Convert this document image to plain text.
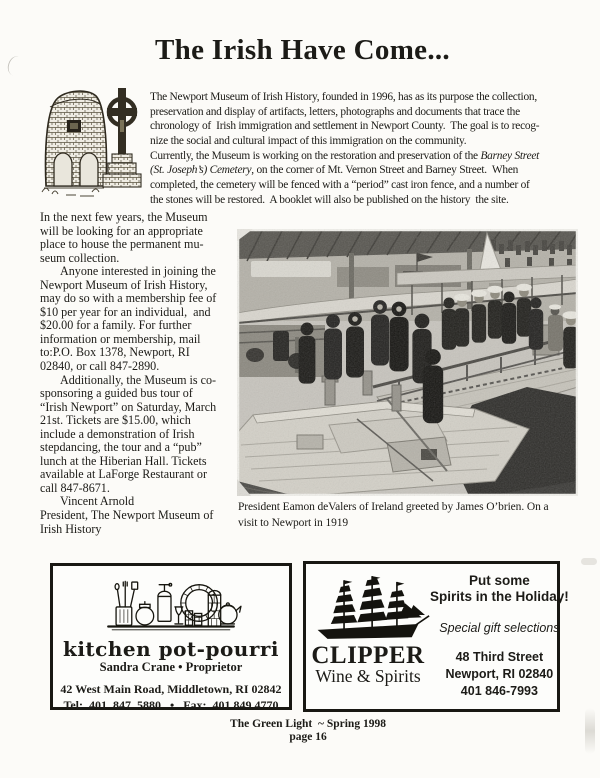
The Irish Have Come...
The Newport Museum of Irish History, founded in 1996, has as its purpose the collection,
preservation and display of artifacts, letters, photographs and documents that trace the
chronology of  Irish immigration and settlement in Newport County.  The goal is to recog-
nize the social and cultural impact of this immigration on the community.
Currently, the Museum is working on the restoration and preservation of the Barney Street
(St. Joseph’s) Cemetery, on the corner of Mt. Vernon Street and Barney Street.  When
completed, the cemetery will be fenced with a “period” cast iron fence, and a number of
the stones will be restored.  A booklet will also be published on the history  the site.
In the next few years, the Museum
will be looking for an appropriate
place to house the permanent mu-
seum collection.
Anyone interested in joining the
Newport Museum of Irish History,
may do so with a membership fee of
$10 per year for an individual,  and
$20.00 for a family. For further
information or membership, mail
to:P.O. Box 1378, Newport, RI
02840, or call 847-2890.
Additionally, the Museum is co-
sponsoring a guided bus tour of
“Irish Newport” on Saturday, March
21st. Tickets are $15.00, which
include a demonstration of Irish
stepdancing, the tour and a “pub”
lunch at the Hiberian Hall. Tickets
available at LaForge Restaurant or
call 847-8671.
Vincent Arnold
President, The Newport Museum of
Irish History
President Eamon deValers of Ireland greeted by James O’brien. On a
visit to Newport in 1919
kitchen pot-pourri
Sandra Crane • Proprietor
42 West Main Road, Middletown, RI 02842
Tel:  401  847  5880   •   Fax:  401 849 4770
CLIPPER
Wine & Spirits
Put some
Spirits in the Holiday!
Special gift selections
48 Third Street
Newport, RI 02840
401 846-7993
The Green Light  ~ Spring 1998
page 16
